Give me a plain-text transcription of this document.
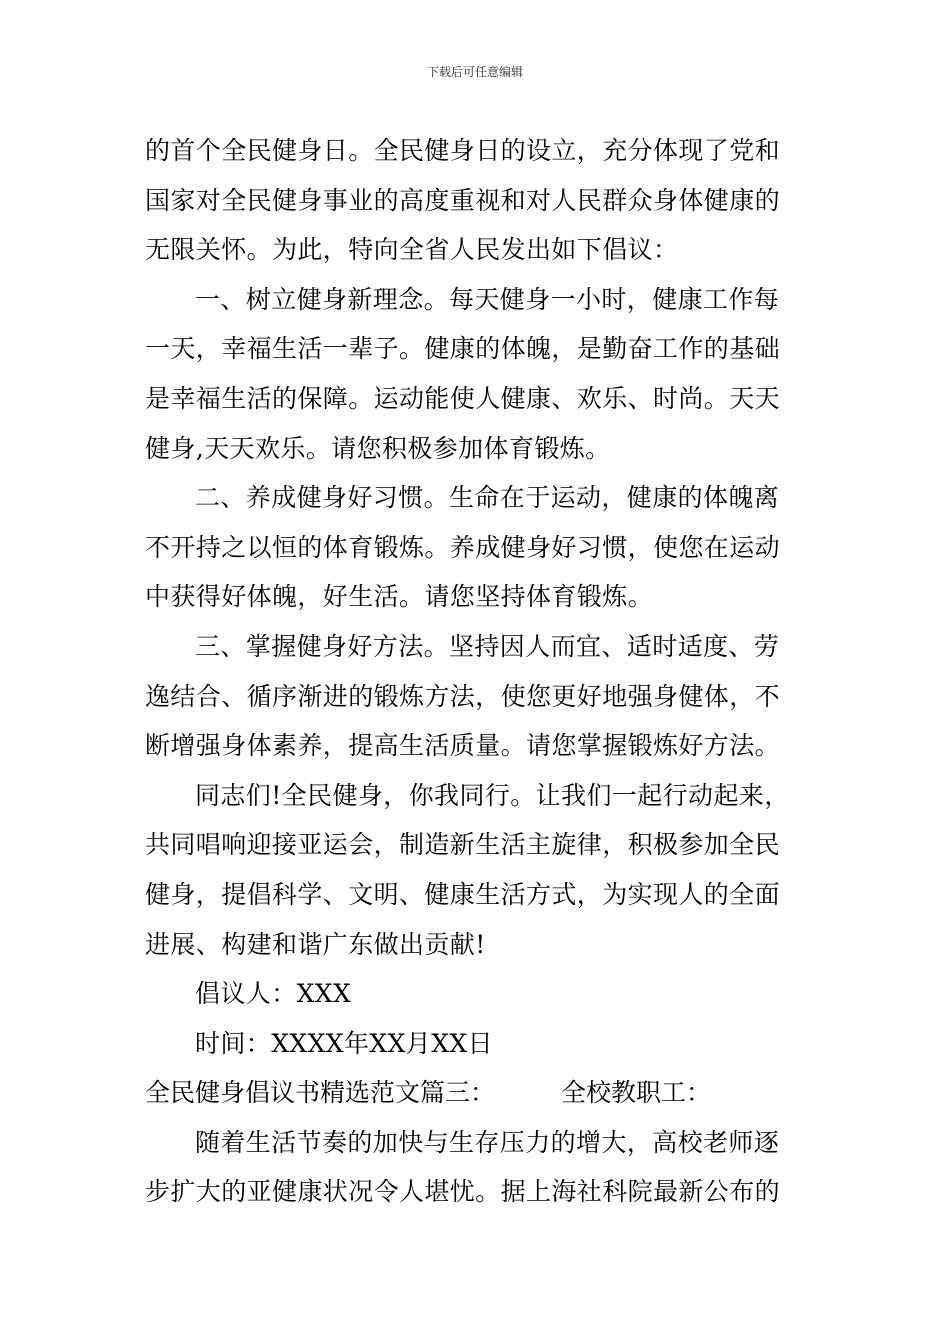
下载后可任意编辑
的首个全民健身日。全民健身日的设立，充分体现了党和
国家对全民健身事业的高度重视和对人民群众身体健康的
无限关怀。为此，特向全省人民发出如下倡议：
一、树立健身新理念。每天健身一小时，健康工作每
一天，幸福生活一辈子。健康的体魄，是勤奋工作的基础
是幸福生活的保障。运动能使人健康、欢乐、时尚。天天
健身,天天欢乐。请您积极参加体育锻炼。
二、养成健身好习惯。生命在于运动，健康的体魄离
不开持之以恒的体育锻炼。养成健身好习惯，使您在运动
中获得好体魄，好生活。请您坚持体育锻炼。
三、掌握健身好方法。坚持因人而宜、适时适度、劳
逸结合、循序渐进的锻炼方法，使您更好地强身健体，不
断增强身体素养，提高生活质量。请您掌握锻炼好方法。
同志们!全民健身，你我同行。让我们一起行动起来，
共同唱响迎接亚运会，制造新生活主旋律，积极参加全民
健身，提倡科学、文明、健康生活方式，为实现人的全面
进展、构建和谐广东做出贡献!
倡议人：XXX
时间：XXXX年XX月XX日
全民健身倡议书精选范文篇三：	全校教职工：
随着生活节奏的加快与生存压力的增大，高校老师逐
步扩大的亚健康状况令人堪忧。据上海社科院最新公布的
